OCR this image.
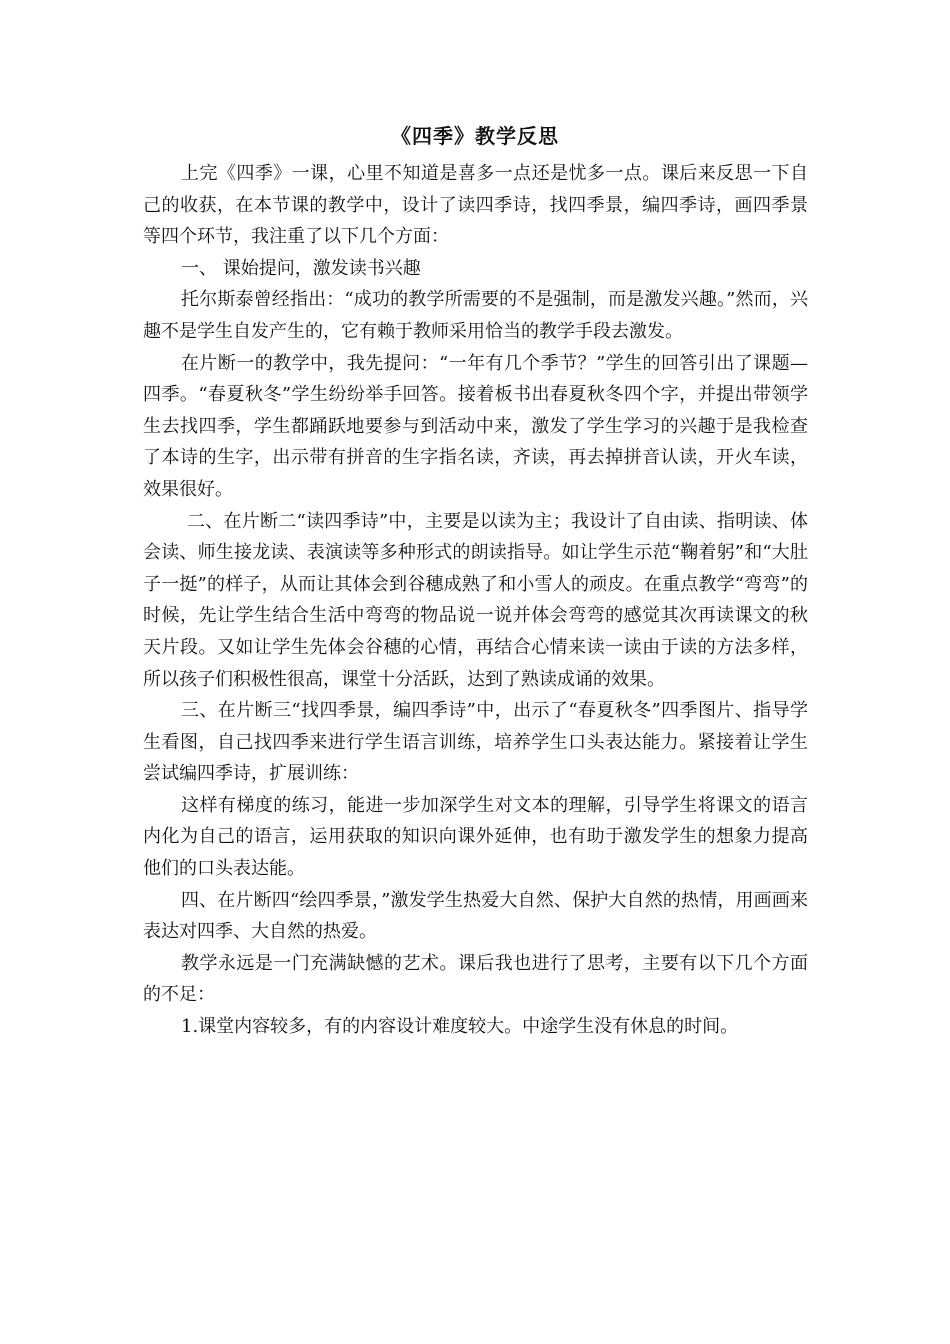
《四季》教学反思

上完《四季》一课，心里不知道是喜多一点还是忧多一点。课后来反思一下自己的收获，在本节课的教学中，设计了读四季诗，找四季景，编四季诗，画四季景等四个环节，我注重了以下几个方面：

一、 课始提问，激发读书兴趣

托尔斯泰曾经指出：“成功的教学所需要的不是强制，而是激发兴趣。”然而，兴趣不是学生自发产生的，它有赖于教师采用恰当的教学手段去激发。

在片断一的教学中，我先提问：“一年有几个季节？”学生的回答引出了课题—四季。“春夏秋冬”学生纷纷举手回答。接着板书出春夏秋冬四个字，并提出带领学生去找四季，学生都踊跃地要参与到活动中来，激发了学生学习的兴趣于是我检查了本诗的生字，出示带有拼音的生字指名读，齐读，再去掉拼音认读，开火车读，效果很好。

二、在片断二“读四季诗”中，主要是以读为主；我设计了自由读、指明读、体会读、师生接龙读、表演读等多种形式的朗读指导。如让学生示范“鞠着躬”和“大肚子一挺”的样子，从而让其体会到谷穗成熟了和小雪人的顽皮。在重点教学“弯弯”的时候，先让学生结合生活中弯弯的物品说一说并体会弯弯的感觉其次再读课文的秋天片段。又如让学生先体会谷穗的心情，再结合心情来读一读由于读的方法多样，所以孩子们积极性很高，课堂十分活跃，达到了熟读成诵的效果。

三、在片断三“找四季景，编四季诗”中，出示了“春夏秋冬”四季图片、指导学生看图，自己找四季来进行学生语言训练，培养学生口头表达能力。紧接着让学生尝试编四季诗，扩展训练：

这样有梯度的练习，能进一步加深学生对文本的理解，引导学生将课文的语言内化为自己的语言，运用获取的知识向课外延伸，也有助于激发学生的想象力提高他们的口头表达能。

四、在片断四“绘四季景，”激发学生热爱大自然、保护大自然的热情，用画画来表达对四季、大自然的热爱。

教学永远是一门充满缺憾的艺术。课后我也进行了思考，主要有以下几个方面的不足：

1.课堂内容较多，有的内容设计难度较大。中途学生没有休息的时间。
